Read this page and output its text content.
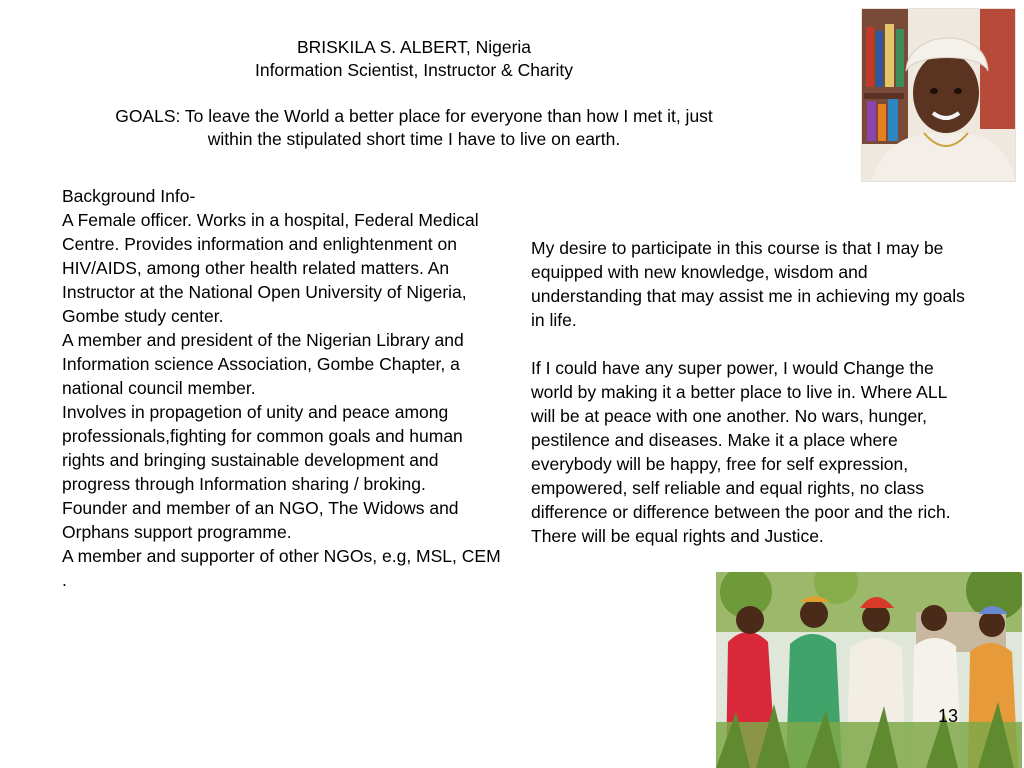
BRISKILA S. ALBERT, Nigeria
Information Scientist, Instructor & Charity
GOALS: To leave the World a better place for everyone than how I met it, just
within the stipulated short time I have to live on earth.

Background Info-

A Female officer. Works in a hospital, Federal Medical Centre. Provides information and enlightenment on HIV/AIDS, among other health related matters. An Instructor at the National Open University of Nigeria, Gombe study center.

A member and president of the Nigerian Library and Information science Association, Gombe Chapter, a national council member.

Involves in propagetion of unity and peace among professionals,fighting for common goals and human rights and bringing sustainable development and progress through Information sharing / broking.

Founder and member of an NGO, The Widows and Orphans support programme.

A member and supporter of other NGOs, e.g, MSL, CEM .

My desire to participate in this course is that I may be equipped with new knowledge, wisdom and understanding that may assist me in achieving my goals in life.

If I could have any super power, I would Change the world by making it a better place to live in. Where ALL will be at peace with one another. No wars, hunger, pestilence and diseases. Make it a place where everybody will be happy, free for self expression, empowered, self reliable and equal rights, no class difference or difference between the poor and the rich. There will be equal rights and Justice.

13
